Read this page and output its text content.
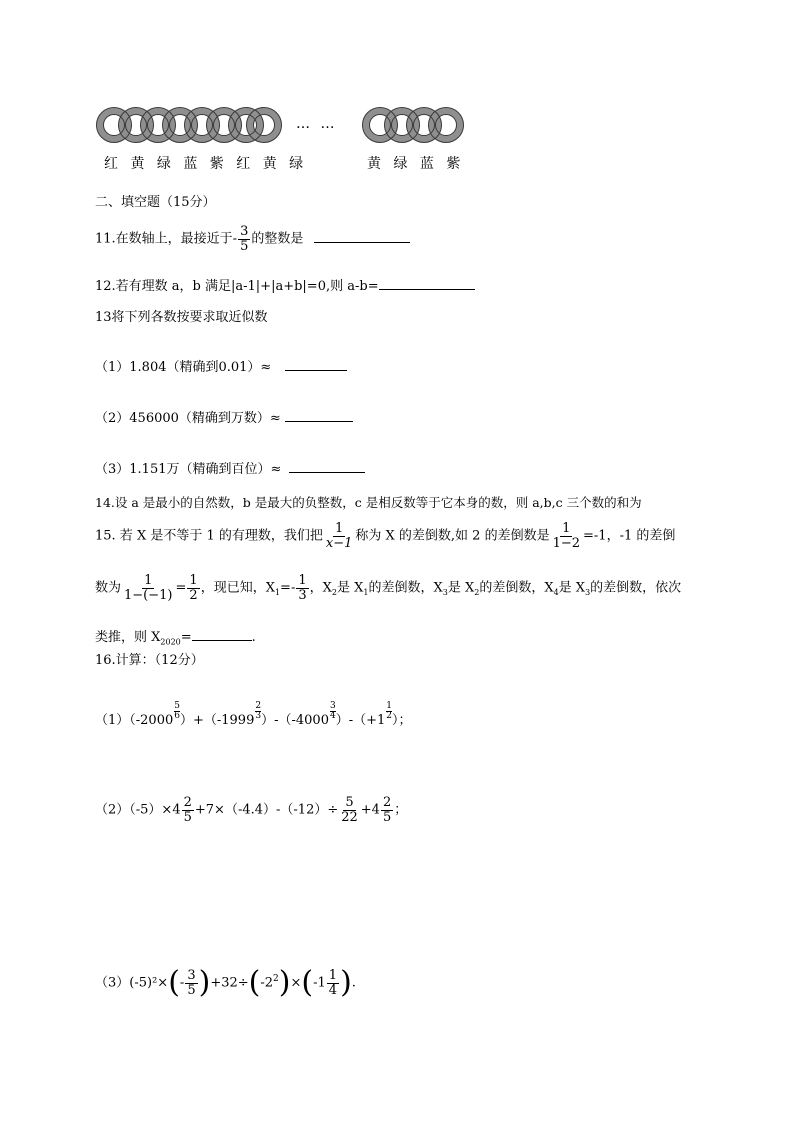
… …
红 黄 绿 蓝 紫 红 黄 绿	黄 绿 蓝 紫
二、填空题（15分）
11.在数轴上，最接近于- $\frac{3}{5}$ 的整数是
12.若有理数 a，b 满足|a-1|+|a+b|=0,则 a-b=
13将下列各数按要求取近似数
（1）1.804（精确到0.01）≈
（2）456000（精确到万数）≈
（3）1.151万（精确到百位）≈
14.设 a 是最小的自然数，b 是最大的负整数，c 是相反数等于它本身的数，则 a,b,c 三个数的和为
15. 若 X 是不等于 1 的有理数，我们把 $\frac{1}{x-1}$ 称为 X 的差倒数,如 2 的差倒数是 $\frac{1}{1-2} =-1$，-1 的差倒
数为 $\frac{1}{1-(-1)} = \frac{1}{2}$ ，现已知，$X_1=- \frac{1}{3}$ ，$X_2$是 $X_1$的差倒数，$X_3$是 $X_2$的差倒数，$X_4$是 $X_3$的差倒数，依次
类推，则 $X_{2020}=$	.
16.计算：（12分）
$(1)(-2000 \frac{5}{6} )+(-1999 \frac{2}{3} )-(-4000 \frac{3}{4} )-(+1 \frac{1}{2}$ ）；
$(2)(-5)\times 4 \frac{2}{5} +7\times(-4.4)-(-12)\div \frac{5}{22} +4 \frac{2}{5}$ ；
$(3)(-5)^2\times(- \frac{3}{5} )+32\div(-2^2)\times(-1 \frac{1}{4}$ ).
